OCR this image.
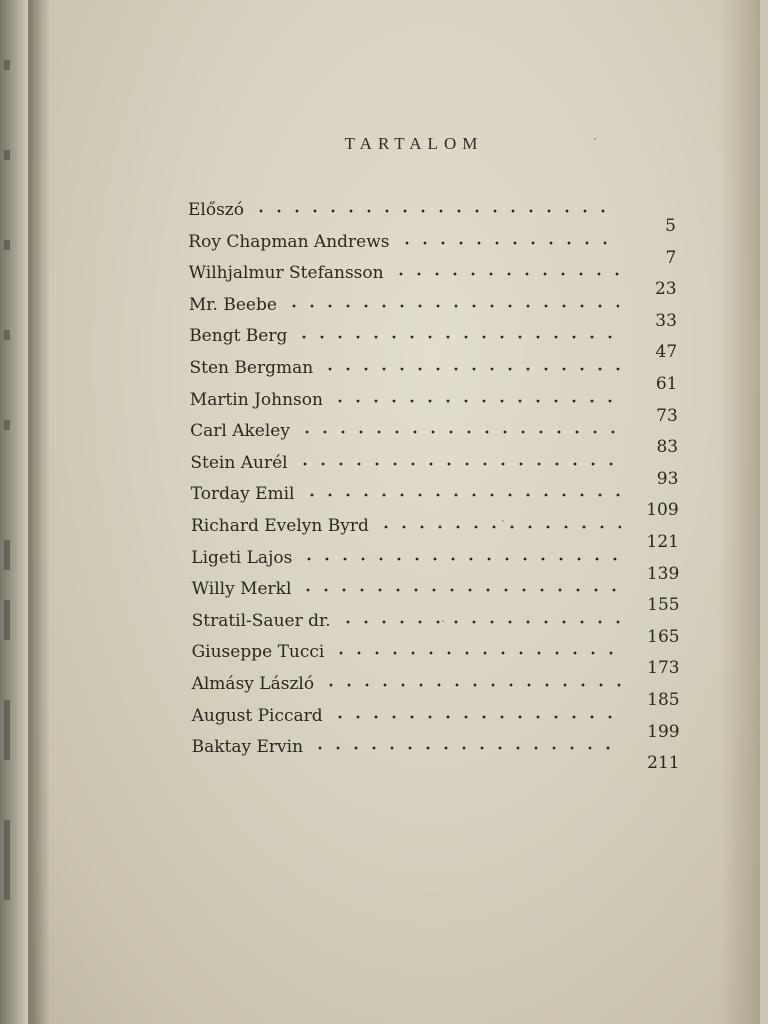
TARTALOM
Előszó
5
Roy Chapman Andrews
7
Wilhjalmur Stefansson
23
Mr. Beebe
33
Bengt Berg
47
Sten Bergman
61
Martin Johnson
73
Carl Akeley
83
Stein Aurél
93
Torday Emil
109
Richard Evelyn Byrd
121
Ligeti Lajos
139
Willy Merkl
155
Stratil-Sauer dr.
165
Giuseppe Tucci
173
Almásy László
185
August Piccard
199
Baktay Ervin
211
